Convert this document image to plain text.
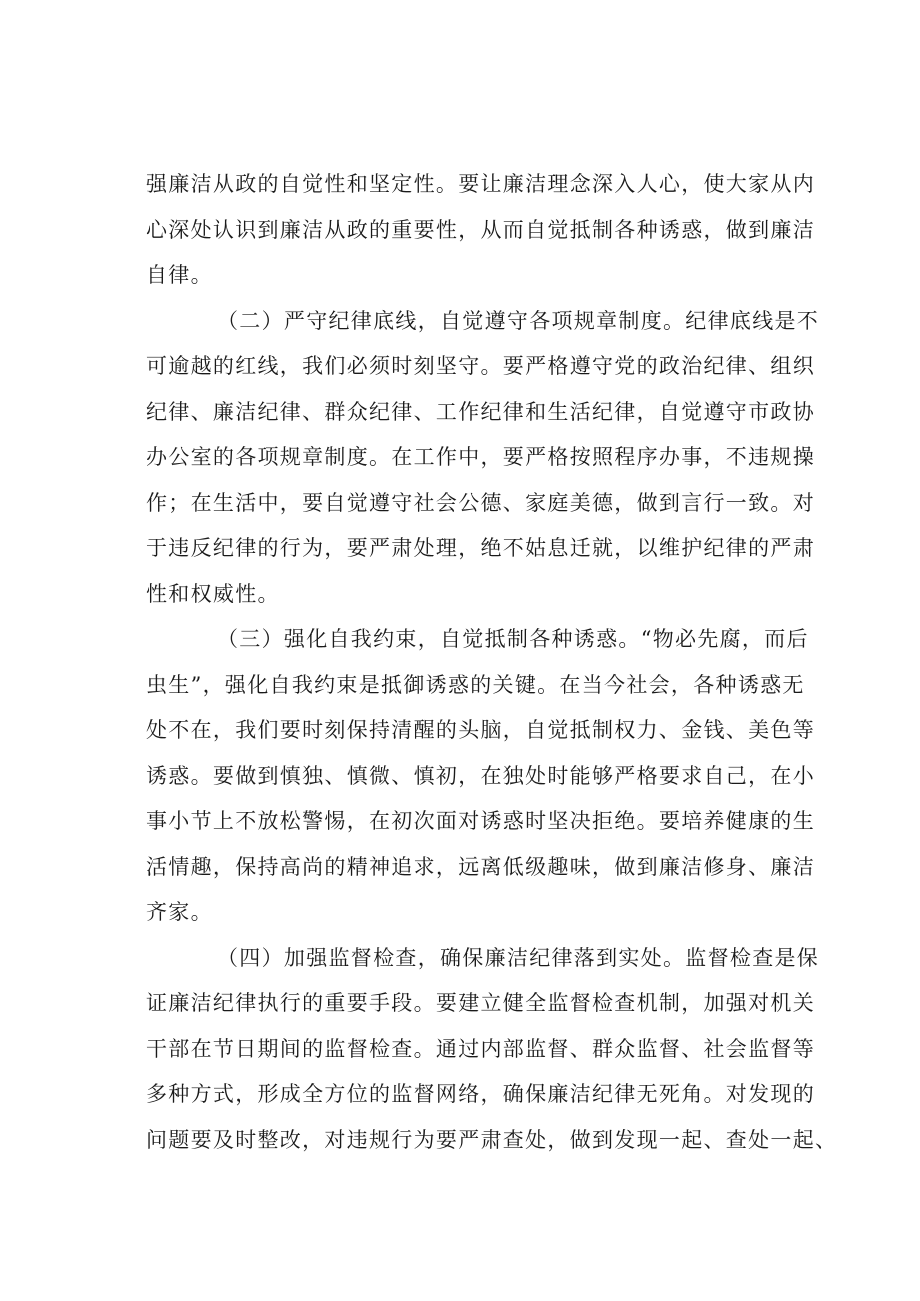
强廉洁从政的自觉性和坚定性。要让廉洁理念深入人心，使大家从内
心深处认识到廉洁从政的重要性，从而自觉抵制各种诱惑，做到廉洁
自律。
（二）严守纪律底线，自觉遵守各项规章制度。纪律底线是不
可逾越的红线，我们必须时刻坚守。要严格遵守党的政治纪律、组织
纪律、廉洁纪律、群众纪律、工作纪律和生活纪律，自觉遵守市政协
办公室的各项规章制度。在工作中，要严格按照程序办事，不违规操
作；在生活中，要自觉遵守社会公德、家庭美德，做到言行一致。对
于违反纪律的行为，要严肃处理，绝不姑息迁就，以维护纪律的严肃
性和权威性。
（三）强化自我约束，自觉抵制各种诱惑。“物必先腐，而后
虫生”，强化自我约束是抵御诱惑的关键。在当今社会，各种诱惑无
处不在，我们要时刻保持清醒的头脑，自觉抵制权力、金钱、美色等
诱惑。要做到慎独、慎微、慎初，在独处时能够严格要求自己，在小
事小节上不放松警惕，在初次面对诱惑时坚决拒绝。要培养健康的生
活情趣，保持高尚的精神追求，远离低级趣味，做到廉洁修身、廉洁
齐家。
（四）加强监督检查，确保廉洁纪律落到实处。监督检查是保
证廉洁纪律执行的重要手段。要建立健全监督检查机制，加强对机关
干部在节日期间的监督检查。通过内部监督、群众监督、社会监督等
多种方式，形成全方位的监督网络，确保廉洁纪律无死角。对发现的
问题要及时整改，对违规行为要严肃查处，做到发现一起、查处一起、
